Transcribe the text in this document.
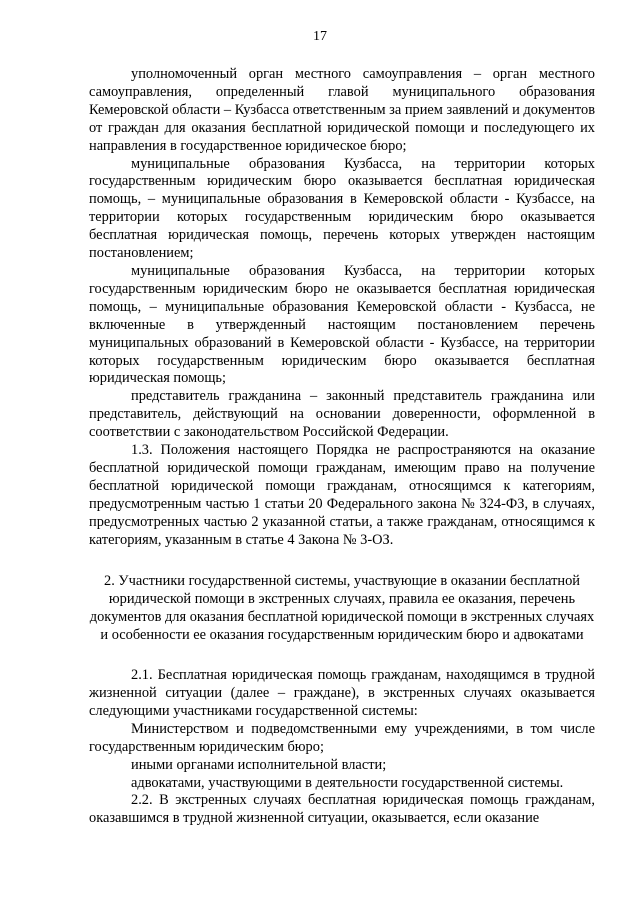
17

уполномоченный орган местного самоуправления – орган местного самоуправления, определенный главой муниципального образования Кемеровской области – Кузбасса ответственным за прием заявлений и документов от граждан для оказания бесплатной юридической помощи и последующего их направления в государственное юридическое бюро;

муниципальные образования Кузбасса, на территории которых государственным юридическим бюро оказывается бесплатная юридическая помощь, – муниципальные образования в Кемеровской области - Кузбассе, на территории которых государственным юридическим бюро оказывается бесплатная юридическая помощь, перечень которых утвержден настоящим постановлением;

муниципальные образования Кузбасса, на территории которых государственным юридическим бюро не оказывается бесплатная юридическая помощь, – муниципальные образования Кемеровской области - Кузбасса, не включенные в утвержденный настоящим постановлением перечень муниципальных образований в Кемеровской области - Кузбассе, на территории которых государственным юридическим бюро оказывается бесплатная юридическая помощь;

представитель гражданина – законный представитель гражданина или представитель, действующий на основании доверенности, оформленной в соответствии с законодательством Российской Федерации.

1.3. Положения настоящего Порядка не распространяются на оказание бесплатной юридической помощи гражданам, имеющим право на получение бесплатной юридической помощи гражданам, относящимся к категориям, предусмотренным частью 1 статьи 20 Федерального закона № 324-ФЗ, в случаях, предусмотренных частью 2 указанной статьи, а также гражданам, относящимся к категориям, указанным в статье 4 Закона № 3-ОЗ.

2. Участники государственной системы, участвующие в оказании бесплатной юридической помощи в экстренных случаях, правила ее оказания, перечень документов для оказания бесплатной юридической помощи в экстренных случаях и особенности ее оказания государственным юридическим бюро и адвокатами

2.1. Бесплатная юридическая помощь гражданам, находящимся в трудной жизненной ситуации (далее – граждане), в экстренных случаях оказывается следующими участниками государственной системы:

Министерством и подведомственными ему учреждениями, в том числе государственным юридическим бюро;

иными органами исполнительной власти;

адвокатами, участвующими в деятельности государственной системы.

2.2. В экстренных случаях бесплатная юридическая помощь гражданам, оказавшимся в трудной жизненной ситуации, оказывается, если оказание
